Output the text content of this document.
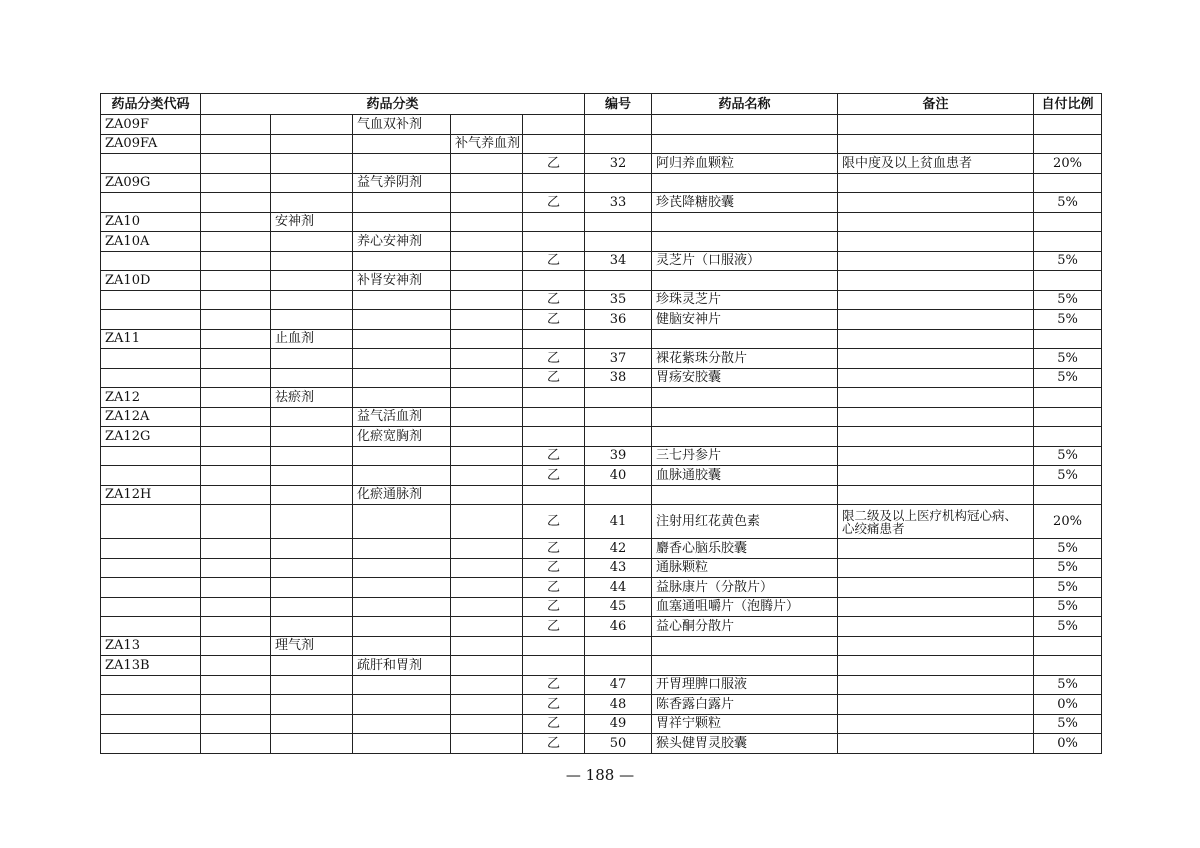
药品分类代码	药品分类					编号	药品名称	备注	自付比例
ZA09F			气血双补剂						
ZA09FA				补气养血剂					
					乙	32	阿归养血颗粒	限中度及以上贫血患者	20%
ZA09G			益气养阴剂						
					乙	33	珍芪降糖胶囊		5%
ZA10		安神剂							
ZA10A			养心安神剂						
					乙	34	灵芝片（口服液）		5%
ZA10D			补肾安神剂						
					乙	35	珍珠灵芝片		5%
					乙	36	健脑安神片		5%
ZA11		止血剂							
					乙	37	裸花紫珠分散片		5%
					乙	38	胃疡安胶囊		5%
ZA12		祛瘀剂							
ZA12A			益气活血剂						
ZA12G			化瘀宽胸剂						
					乙	39	三七丹参片		5%
					乙	40	血脉通胶囊		5%
ZA12H			化瘀通脉剂						
					乙	41	注射用红花黄色素	限二级及以上医疗机构冠心病、心绞痛患者	20%
					乙	42	麝香心脑乐胶囊		5%
					乙	43	通脉颗粒		5%
					乙	44	益脉康片（分散片）		5%
					乙	45	血塞通咀嚼片（泡腾片）		5%
					乙	46	益心酮分散片		5%
ZA13		理气剂							
ZA13B			疏肝和胃剂						
					乙	47	开胃理脾口服液		5%
					乙	48	陈香露白露片		0%
					乙	49	胃祥宁颗粒		5%
					乙	50	猴头健胃灵胶囊		0%
— 188 —
